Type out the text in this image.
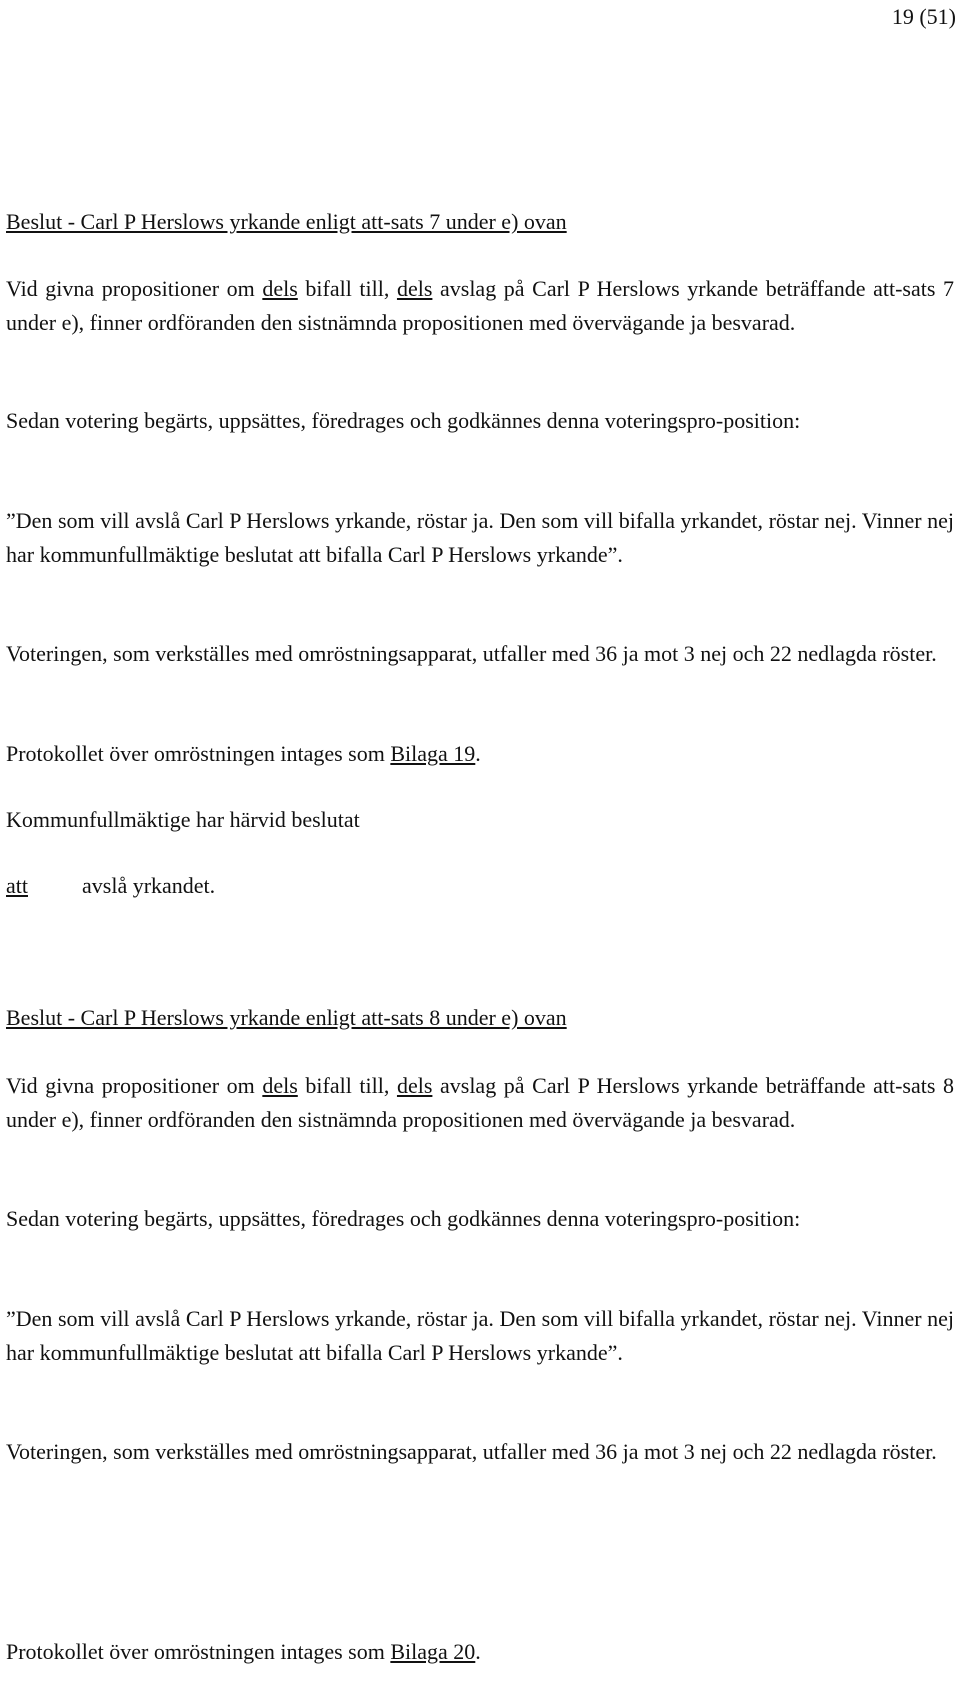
19 (51)
Beslut - Carl P Herslows yrkande enligt att-sats 7 under e) ovan

Vid givna propositioner om dels bifall till, dels avslag på Carl P Herslows yrkande beträffande att-sats 7 under e), finner ordföranden den sistnämnda propositionen med övervägande ja besvarad.

Sedan votering begärts, uppsättes, föredrages och godkännes denna voteringspro-position:

”Den som vill avslå Carl P Herslows yrkande, röstar ja. Den som vill bifalla yrkandet, röstar nej. Vinner nej har kommunfullmäktige beslutat att bifalla Carl P Herslows yrkande”.

Voteringen, som verkställes med omröstningsapparat, utfaller med 36 ja mot 3 nej och 22 nedlagda röster.

Protokollet över omröstningen intages som Bilaga 19.

Kommunfullmäktige har härvid beslutat

att avslå yrkandet.

Beslut - Carl P Herslows yrkande enligt att-sats 8 under e) ovan

Vid givna propositioner om dels bifall till, dels avslag på Carl P Herslows yrkande beträffande att-sats 8 under e), finner ordföranden den sistnämnda propositionen med övervägande ja besvarad.

Sedan votering begärts, uppsättes, föredrages och godkännes denna voteringspro-position:

”Den som vill avslå Carl P Herslows yrkande, röstar ja. Den som vill bifalla yrkandet, röstar nej. Vinner nej har kommunfullmäktige beslutat att bifalla Carl P Herslows yrkande”.

Voteringen, som verkställes med omröstningsapparat, utfaller med 36 ja mot 3 nej och 22 nedlagda röster.

Protokollet över omröstningen intages som Bilaga 20.
